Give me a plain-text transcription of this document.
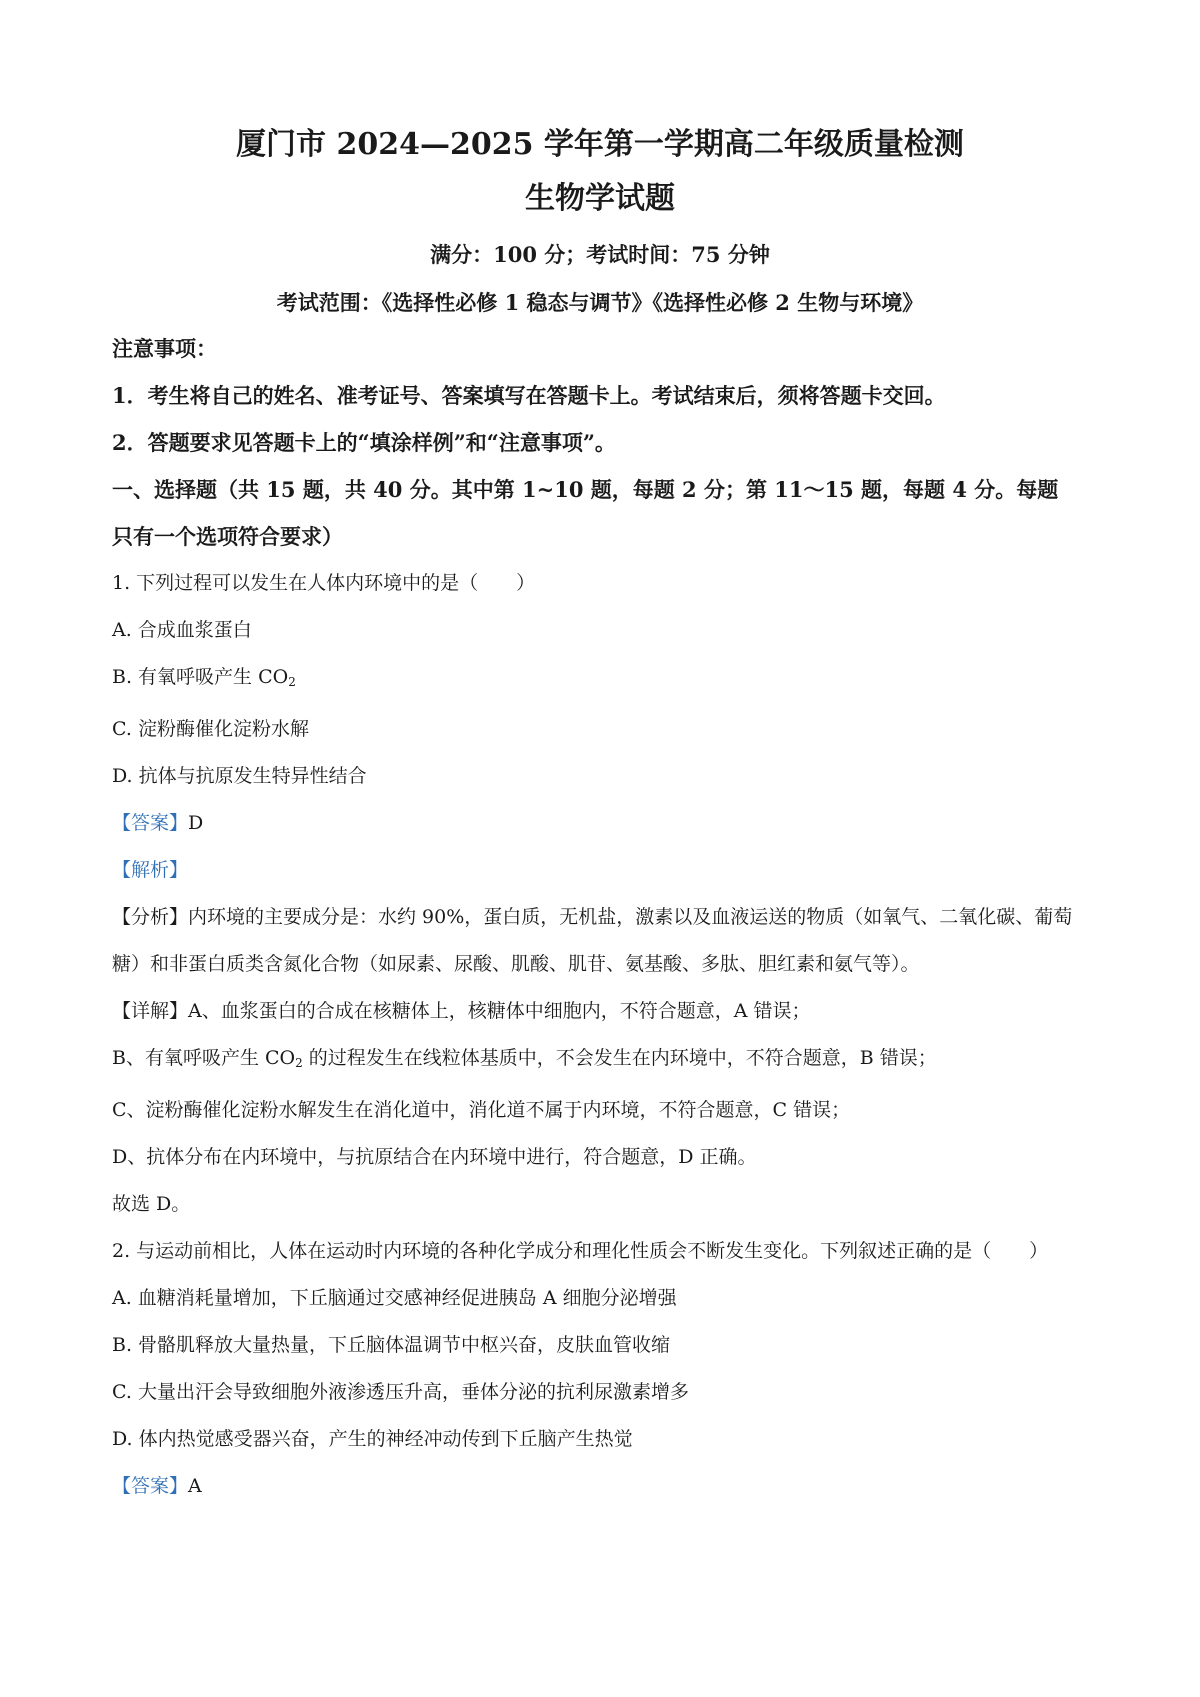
厦门市 2024—2025 学年第一学期高二年级质量检测
生物学试题
满分：100 分；考试时间：75 分钟
考试范围：《选择性必修 1 稳态与调节》《选择性必修 2 生物与环境》
注意事项：
1．考生将自己的姓名、准考证号、答案填写在答题卡上。考试结束后，须将答题卡交回。
2．答题要求见答题卡上的“填涂样例”和“注意事项”。
一、选择题（共 15 题，共 40 分。其中第 1~10 题，每题 2 分；第 11～15 题，每题 4 分。每题
只有一个选项符合要求）
1. 下列过程可以发生在人体内环境中的是（　　）
A. 合成血浆蛋白
B. 有氧呼吸产生 $CO_2$
C. 淀粉酶催化淀粉水解
D. 抗体与抗原发生特异性结合
【答案】D
【解析】
【分析】内环境的主要成分是：水约 90%，蛋白质，无机盐，激素以及血液运送的物质（如氧气、二氧化碳、葡萄糖）和非蛋白质类含氮化合物（如尿素、尿酸、肌酸、肌苷、氨基酸、多肽、胆红素和氨气等）。
【详解】A、血浆蛋白的合成在核糖体上，核糖体中细胞内，不符合题意，A 错误；
B、有氧呼吸产生 $CO_2$ 的过程发生在线粒体基质中，不会发生在内环境中，不符合题意，B 错误；
C、淀粉酶催化淀粉水解发生在消化道中，消化道不属于内环境，不符合题意，C 错误；
D、抗体分布在内环境中，与抗原结合在内环境中进行，符合题意，D 正确。
故选 D。
2. 与运动前相比，人体在运动时内环境的各种化学成分和理化性质会不断发生变化。下列叙述正确的是（　　）
A. 血糖消耗量增加，下丘脑通过交感神经促进胰岛 A 细胞分泌增强
B. 骨骼肌释放大量热量，下丘脑体温调节中枢兴奋，皮肤血管收缩
C. 大量出汗会导致细胞外液渗透压升高，垂体分泌的抗利尿激素增多
D. 体内热觉感受器兴奋，产生的神经冲动传到下丘脑产生热觉
【答案】A
